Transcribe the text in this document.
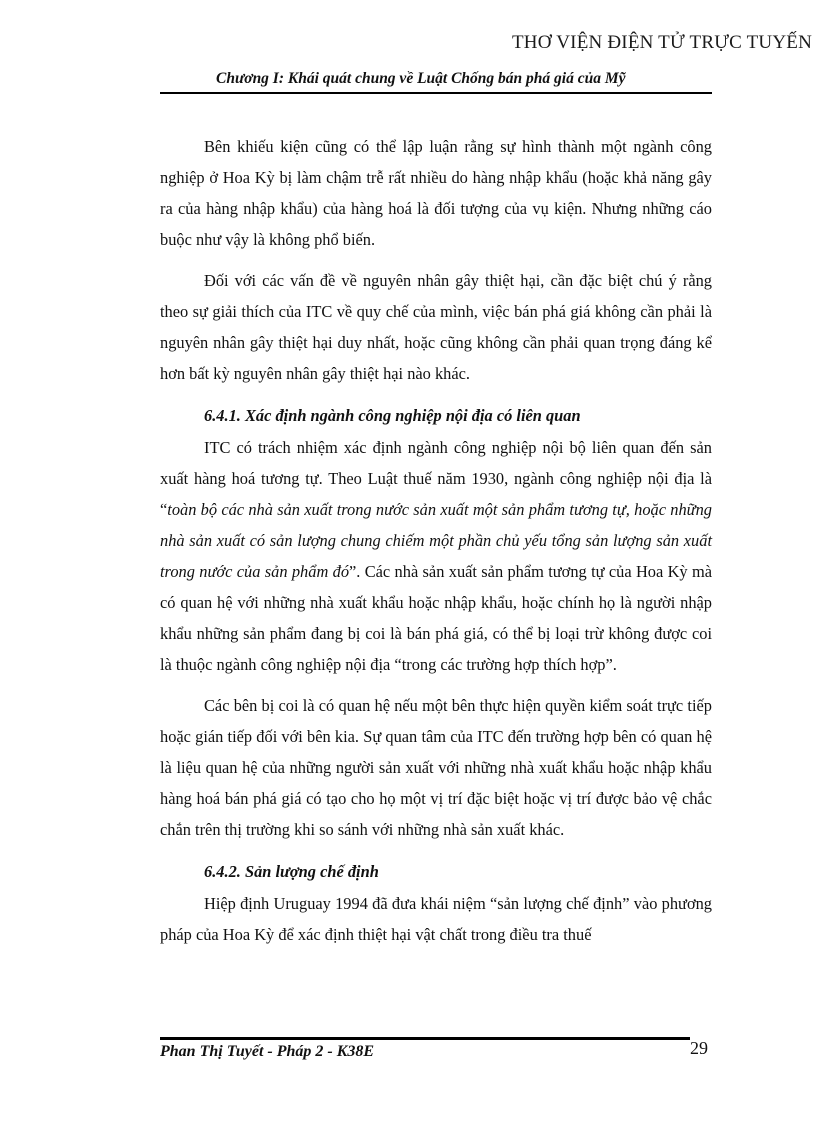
THƠ VIỆN ĐIỆN TỬ TRỰC TUYẾN
Chương I: Khái quát chung về Luật Chống bán phá giá của Mỹ

Bên khiếu kiện cũng có thể lập luận rằng sự hình thành một ngành công nghiệp ở Hoa Kỳ bị làm chậm trễ rất nhiều do hàng nhập khẩu (hoặc khả năng gây ra của hàng nhập khẩu) của hàng hoá là đối tượng của vụ kiện. Nhưng những cáo buộc như vậy là không phổ biến.

Đối với các vấn đề về nguyên nhân gây thiệt hại, cần đặc biệt chú ý rằng theo sự giải thích của ITC về quy chế của mình, việc bán phá giá không cần phải là nguyên nhân gây thiệt hại duy nhất, hoặc cũng không cần phải quan trọng đáng kể hơn bất kỳ nguyên nhân gây thiệt hại nào khác.

6.4.1. Xác định ngành công nghiệp nội địa có liên quan

ITC có trách nhiệm xác định ngành công nghiệp nội bộ liên quan đến sản xuất hàng hoá tương tự. Theo Luật thuế năm 1930, ngành công nghiệp nội địa là “toàn bộ các nhà sản xuất trong nước sản xuất một sản phẩm tương tự, hoặc những nhà sản xuất có sản lượng chung chiếm một phần chủ yếu tổng sản lượng sản xuất trong nước của sản phẩm đó”. Các nhà sản xuất sản phẩm tương tự của Hoa Kỳ mà có quan hệ với những nhà xuất khẩu hoặc nhập khẩu, hoặc chính họ là người nhập khẩu những sản phẩm đang bị coi là bán phá giá, có thể bị loại trừ không được coi là thuộc ngành công nghiệp nội địa “trong các trường hợp thích hợp”.

Các bên bị coi là có quan hệ nếu một bên thực hiện quyền kiểm soát trực tiếp hoặc gián tiếp đối với bên kia. Sự quan tâm của ITC đến trường hợp bên có quan hệ là liệu quan hệ của những người sản xuất với những nhà xuất khẩu hoặc nhập khẩu hàng hoá bán phá giá có tạo cho họ một vị trí đặc biệt hoặc vị trí được bảo vệ chắc chắn trên thị trường khi so sánh với những nhà sản xuất khác.

6.4.2. Sản lượng chế định

Hiệp định Uruguay 1994 đã đưa khái niệm “sản lượng chế định” vào phương pháp của Hoa Kỳ để xác định thiệt hại vật chất trong điều tra thuế

Phan Thị Tuyết - Pháp 2 - K38E	29
